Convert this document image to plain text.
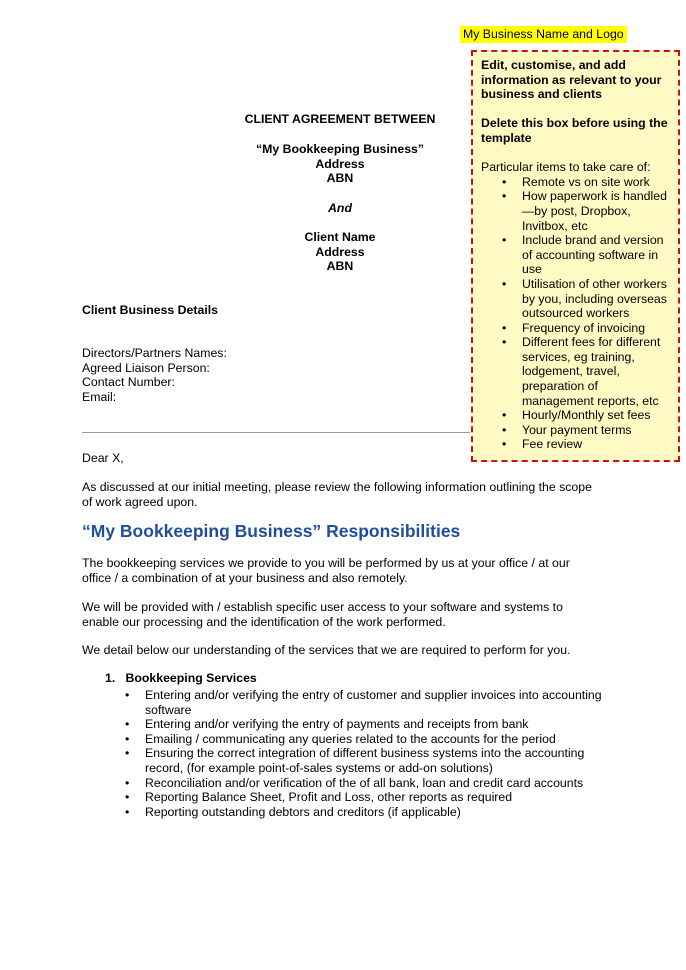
My Business Name and Logo

Edit, customise, and add information as relevant to your business and clients

Delete this box before using the template

Particular items to take care of:

• Remote vs on site work
• How paperwork is handled—by post, Dropbox, Invitbox, etc
• Include brand and version of accounting software in use
• Utilisation of other workers by you, including overseas outsourced workers
• Frequency of invoicing
• Different fees for different services, eg training, lodgement, travel, preparation of management reports, etc
• Hourly/Monthly set fees
• Your payment terms
• Fee review
CLIENT AGREEMENT BETWEEN
“My Bookkeeping Business”
Address
ABN
And
Client Name
Address
ABN
Client Business Details
Directors/Partners Names:
Agreed Liaison Person:
Contact Number:
Email:
Dear X,

As discussed at our initial meeting, please review the following information outlining the scope of work agreed upon.

“My Bookkeeping Business” Responsibilities

The bookkeeping services we provide to you will be performed by us at your office / at our office / a combination of at your business and also remotely.

We will be provided with / establish specific user access to your software and systems to enable our processing and the identification of the work performed.

We detail below our understanding of the services that we are required to perform for you.

1. Bookkeeping Services
• Entering and/or verifying the entry of customer and supplier invoices into accounting software
• Entering and/or verifying the entry of payments and receipts from bank
• Emailing / communicating any queries related to the accounts for the period
• Ensuring the correct integration of different business systems into the accounting record, (for example point-of-sales systems or add-on solutions)
• Reconciliation and/or verification of the of all bank, loan and credit card accounts
• Reporting Balance Sheet, Profit and Loss, other reports as required
• Reporting outstanding debtors and creditors (if applicable)
